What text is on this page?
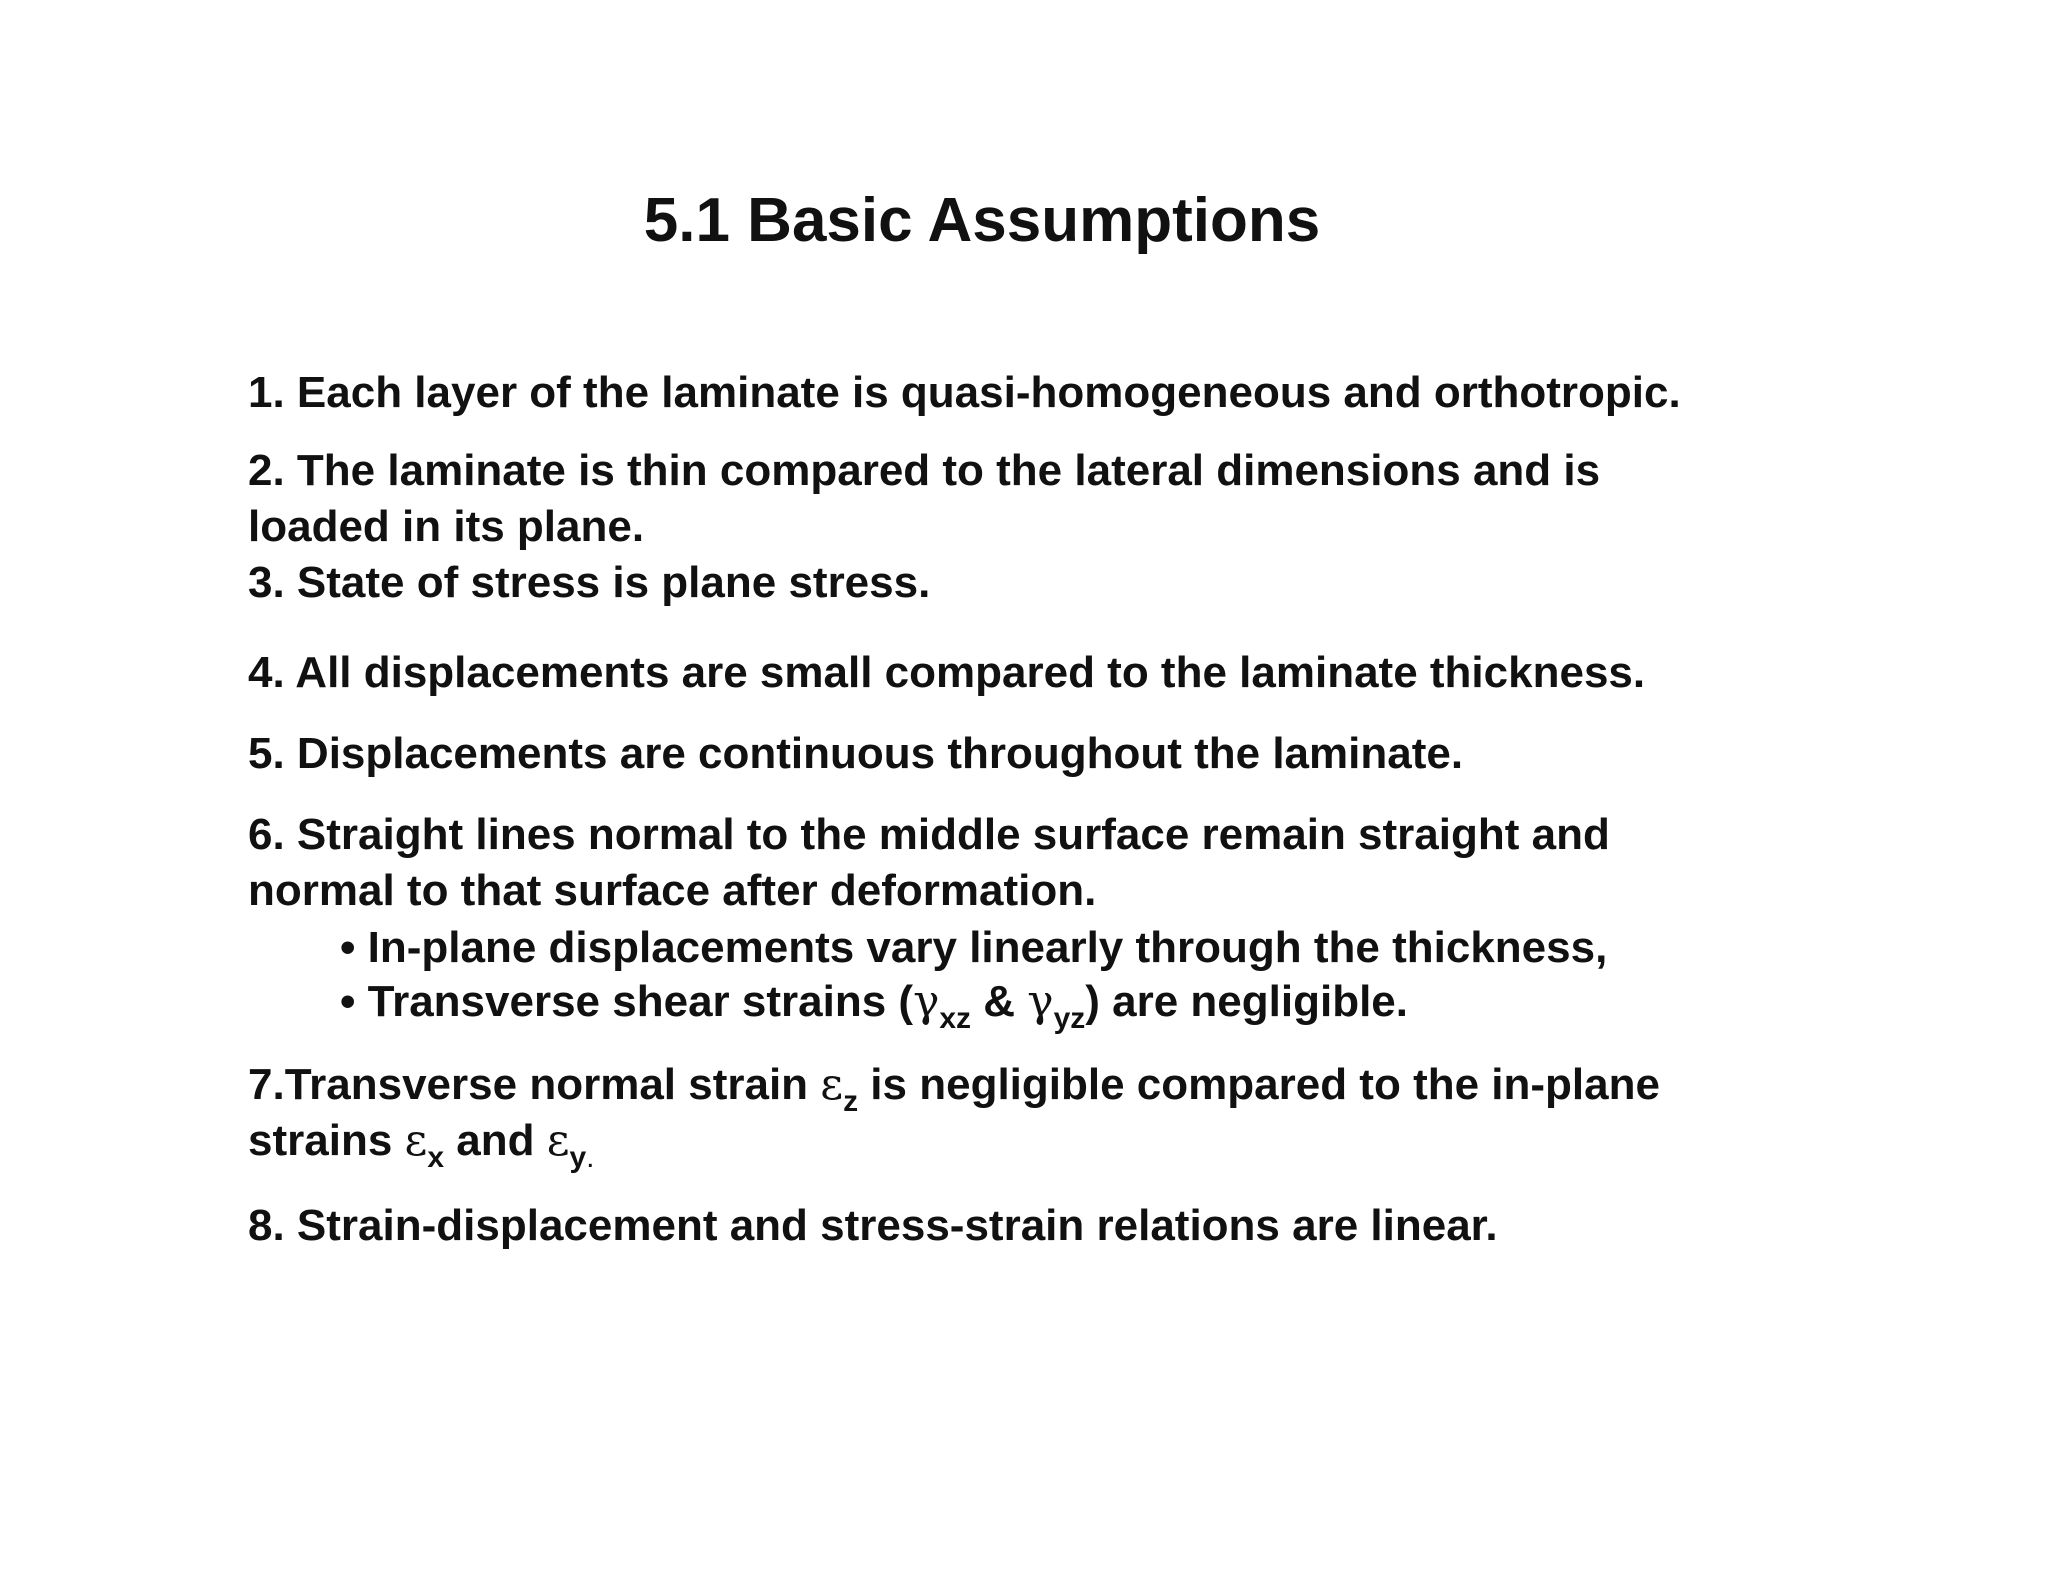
5.1 Basic Assumptions
1. Each layer of the laminate is quasi-homogeneous and orthotropic.
2. The laminate is thin compared to the lateral dimensions and is
loaded in its plane.
3. State of stress is plane stress.
4. All displacements are small compared to the laminate thickness.
5. Displacements are continuous throughout the laminate.
6. Straight lines normal to the middle surface remain straight and
normal to that surface after deformation.
• In-plane displacements vary linearly through the thickness,
• Transverse shear strains ($\gamma_{xz}$ & $\gamma_{yz}$) are negligible.
7.Transverse normal strain $\varepsilon_z$ is negligible compared to the in-plane
strains $\varepsilon_x$ and $\varepsilon_{y.}$
8. Strain-displacement and stress-strain relations are linear.
